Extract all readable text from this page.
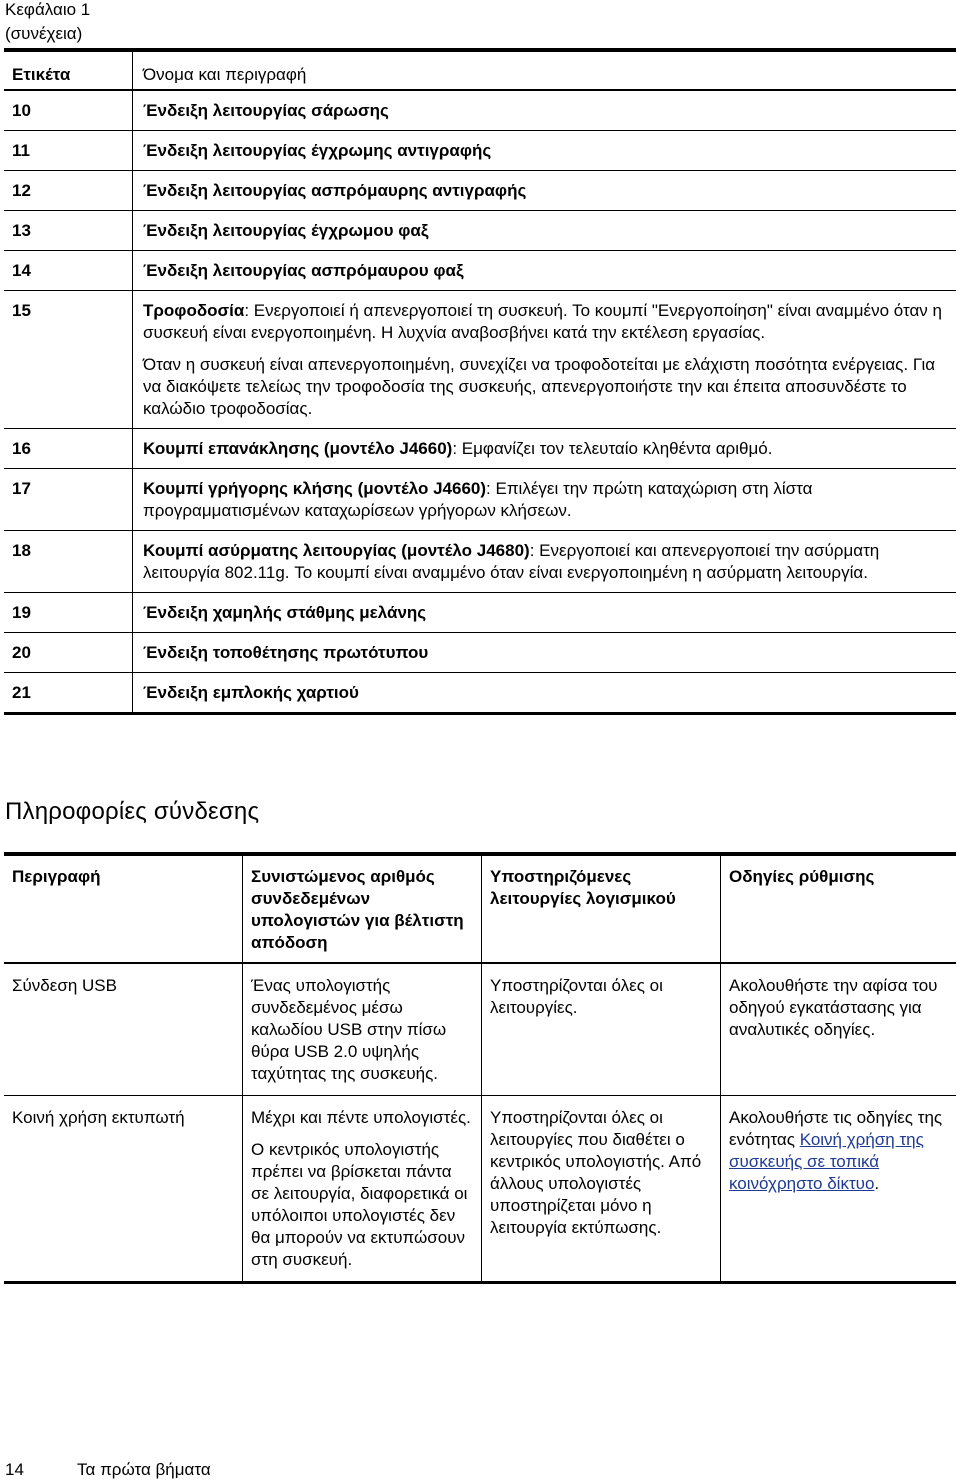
Κεφάλαιο 1
(συνέχεια)
Ετικέτα	Όνομα και περιγραφή
10	Ένδειξη λειτουργίας σάρωσης
11	Ένδειξη λειτουργίας έγχρωμης αντιγραφής
12	Ένδειξη λειτουργίας ασπρόμαυρης αντιγραφής
13	Ένδειξη λειτουργίας έγχρωμου φαξ
14	Ένδειξη λειτουργίας ασπρόμαυρου φαξ
15	Τροφοδοσία: Ενεργοποιεί ή απενεργοποιεί τη συσκευή. Το κουμπί "Ενεργοποίηση" είναι αναμμένο όταν η συσκευή είναι ενεργοποιημένη. Η λυχνία αναβοσβήνει κατά την εκτέλεση εργασίας.
Όταν η συσκευή είναι απενεργοποιημένη, συνεχίζει να τροφοδοτείται με ελάχιστη ποσότητα ενέργειας. Για να διακόψετε τελείως την τροφοδοσία της συσκευής, απενεργοποιήστε την και έπειτα αποσυνδέστε το καλώδιο τροφοδοσίας.

16	Κουμπί επανάκλησης (μοντέλο J4660): Εμφανίζει τον τελευταίο κληθέντα αριθμό.
17	Κουμπί γρήγορης κλήσης (μοντέλο J4660): Επιλέγει την πρώτη καταχώριση στη λίστα προγραμματισμένων καταχωρίσεων γρήγορων κλήσεων.
18	Κουμπί ασύρματης λειτουργίας (μοντέλο J4680): Ενεργοποιεί και απενεργοποιεί την ασύρματη λειτουργία 802.11g. Το κουμπί είναι αναμμένο όταν είναι ενεργοποιημένη η ασύρματη λειτουργία.
19	Ένδειξη χαμηλής στάθμης μελάνης
20	Ένδειξη τοποθέτησης πρωτότυπου
21	Ένδειξη εμπλοκής χαρτιού
Πληροφορίες σύνδεσης
Περιγραφή	Συνιστώμενος αριθμός συνδεδεμένων υπολογιστών για βέλτιστη απόδοση	Υποστηριζόμενες λειτουργίες λογισμικού	Οδηγίες ρύθμισης
Σύνδεση USB	Ένας υπολογιστής συνδεδεμένος μέσω καλωδίου USB στην πίσω θύρα USB 2.0 υψηλής ταχύτητας της συσκευής.	Υποστηρίζονται όλες οι λειτουργίες.	Ακολουθήστε την αφίσα του οδηγού εγκατάστασης για αναλυτικές οδηγίες.
Κοινή χρήση εκτυπωτή	Μέχρι και πέντε υπολογιστές.
Ο κεντρικός υπολογιστής πρέπει να βρίσκεται πάντα σε λειτουργία, διαφορετικά οι υπόλοιποι υπολογιστές δεν θα μπορούν να εκτυπώσουν στη συσκευή.	Υποστηρίζονται όλες οι λειτουργίες που διαθέτει ο κεντρικός υπολογιστής. Από άλλους υπολογιστές υποστηρίζεται μόνο η λειτουργία εκτύπωσης.	Ακολουθήστε τις οδηγίες της ενότητας Κοινή χρήση της συσκευής σε τοπικά κοινόχρηστο δίκτυο.
14	Τα πρώτα βήματα
